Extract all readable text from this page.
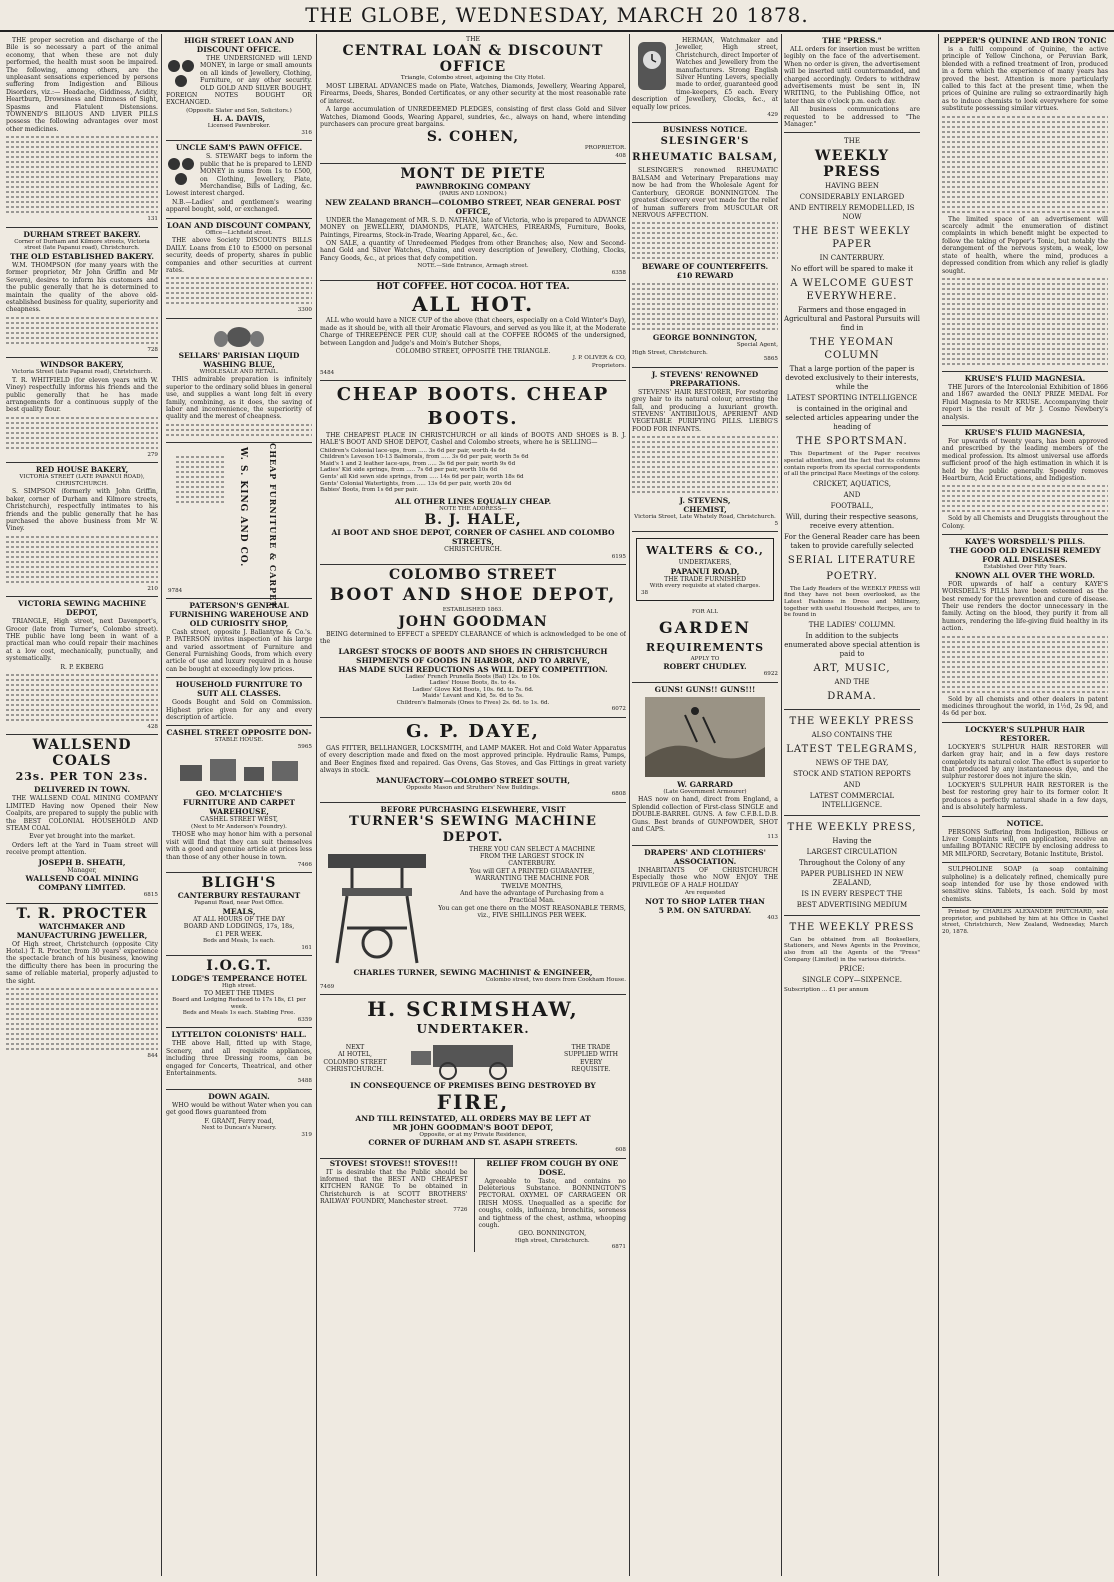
THE GLOBE, WEDNESDAY, MARCH 20 1878.

THE proper secretion and discharge of the Bile is so necessary a part of the animal economy, that when these are not duly performed, the health must soon be impaired. The following, among others, are the unpleasant sensations experienced by persons suffering from Indigestion and Bilious Disorders, viz.:— Headache, Giddiness, Acidity, Heartburn, Drowsiness and Dimness of Sight, Spasms and Flatulent Distensions. TOWNEND'S BILIOUS AND LIVER PILLS possess the following advantages over most other medicines.

131
DURHAM STREET BAKERY.
Corner of Durham and Kilmore streets, Victoria street (late Papanui road), Christchurch.
THE OLD ESTABLISHED BAKERY.

W.M. THOMPSON (for many years with the former proprietor, Mr John Griffin and Mr Severn), desires to inform his customers and the public generally that he is determined to maintain the quality of the above old-established business for quality, superiority and cheapness.

728
WINDSOR BAKERY,
Victoria Street (late Papanui road), Christchurch.

T. R. WHITFIELD (for eleven years with W. Viney) respectfully informs his friends and the public generally that he has made arrangements for a continuous supply of the best quality flour.

279
RED HOUSE BAKERY,
VICTORIA STREET (LATE PAPANUI ROAD), CHRISTCHURCH.

S. SIMPSON (formerly with John Griffin, baker, corner of Durham and Kilmore streets, Christchurch), respectfully intimates to his friends and the public generally that he has purchased the above business from Mr W. Viney.

210
VICTORIA SEWING MACHINE DEPOT,

TRIANGLE, High street, next Davenport's, Grocer (late from Turner's, Colombo street). THE public have long been in want of a practical man who could repair their machines at a low cost, mechanically, punctually, and systematically.

R. P. EKBERG
428
WALLSEND COALS
23s. PER TON 23s.
DELIVERED IN TOWN.

THE WALLSEND COAL MINING COMPANY LIMITED Having now Opened their New Coalpits, are prepared to supply the public with the BEST COLONIAL HOUSEHOLD AND STEAM COAL

Ever yet brought into the market.

Orders left at the Yard in Tuam street will receive prompt attention.

JOSEPH B. SHEATH,
Manager,
WALLSEND COAL MINING COMPANY LIMITED.
6815
T. R. PROCTER
WATCHMAKER AND MANUFACTURING JEWELLER,

Of High street, Christchurch (opposite City Hotel.) T. R. Procter, from 30 years' experience the spectacle branch of his business, knowing the difficulty there has been in procuring the same of reliable material, properly adjusted to the sight.

844
HIGH STREET LOAN AND DISCOUNT OFFICE.

THE UNDERSIGNED will LEND MONEY, in large or small amounts on all kinds of Jewellery, Clothing, Furniture, or any other security. OLD GOLD AND SILVER BOUGHT, FOREIGN NOTES BOUGHT OR EXCHANGED.

(Opposite Slater and Son, Solicitors.)
H. A. DAVIS,
Licensed Pawnbroker.
316
UNCLE SAM'S PAWN OFFICE.

S. STEWART begs to inform the public that he is prepared to LEND MONEY in sums from 1s to £500, on Clothing, Jewellery, Plate, Merchandise, Bills of Lading, &c. Lowest interest charged.

N.B.—Ladies' and gentlemen's wearing apparel bought, sold, or exchanged.

LOAN AND DISCOUNT COMPANY,
Office—Lichfield street.

THE above Society DISCOUNTS BILLS DAILY. Loans from £10 to £5000 on personal security, deeds of property, shares in public companies and other securities at current rates.

3300
SELLARS' PARISIAN LIQUID WASHING BLUE,
WHOLESALE AND RETAIL.

THIS admirable preparation is infinitely superior to the ordinary solid blues in general use, and supplies a want long felt in every family, combining, as it does, the saving of labor and inconvenience, the superiority of quality and the merest of cheapness.

CHEAP FURNITURE & CARPET
W. S. KING AND CO.
9784
PATERSON'S GENERAL FURNISHING WAREHOUSE AND OLD CURIOSITY SHOP,

Cash street, opposite J. Ballantyne & Co.'s. P. PATERSON invites inspection of his large and varied assortment of Furniture and General Furnishing Goods, from which every article of use and luxury required in a house can be bought at exceedingly low prices.

HOUSEHOLD FURNITURE TO SUIT ALL CLASSES.

Goods Bought and Sold on Commission. Highest price given for any and every description of article.

CASHEL STREET OPPOSITE DON-
STABLE HOUSE.
5965
GEO. M'CLATCHIE'S
FURNITURE AND CARPET WAREHOUSE,
CASHEL STREET WEST,
(Next to Mr Anderson's Foundry).

THOSE who may honor him with a personal visit will find that they can suit themselves with a good and genuine article at prices less than those of any other house in town.

7466
BLIGH'S
CANTERBURY RESTAURANT
Papanui Road, near Post Office.
MEALS,
AT ALL HOURS OF THE DAY
BOARD AND LODGINGS, 17s, 18s,
£1 PER WEEK.
Beds and Meals, 1s each.
161
I.O.G.T.
LODGE'S TEMPERANCE HOTEL
High street.
TO MEET THE TIMES
Board and Lodging Reduced to 17s 18s, £1 per week.
Beds and Meals 1s each. Stabling Free.
6359
LYTTELTON COLONISTS' HALL.

THE above Hall, fitted up with Stage, Scenery, and all requisite appliances, including three Dressing rooms, can be engaged for Concerts, Theatrical, and other Entertainments.

5488
DOWN AGAIN.

WHO would be without Water when you can get good flows guaranteed from

F. GRANT, Ferry road,
Next to Duncan's Nursery.
319
THE
CENTRAL LOAN & DISCOUNT OFFICE
Triangle, Colombo street, adjoining the City Hotel.

MOST LIBERAL ADVANCES made on Plate, Watches, Diamonds, Jewellery, Wearing Apparel, Firearms, Deeds, Shares, Bonded Certificates, or any other security at the most reasonable rate of interest.

A large accumulation of UNREDEEMED PLEDGES, consisting of first class Gold and Silver Watches, Diamond Goods, Wearing Apparel, sundries, &c., always on hand, where intending purchasers can procure great bargains.

S. COHEN,
PROPRIETOR.
408
MONT DE PIETE
PAWNBROKING COMPANY
(PARIS AND LONDON.)
NEW ZEALAND BRANCH—COLOMBO STREET, NEAR GENERAL POST OFFICE,

UNDER the Management of MR. S. D. NATHAN, late of Victoria, who is prepared to ADVANCE MONEY on JEWELLERY, DIAMONDS, PLATE, WATCHES, FIREARMS, Furniture, Books, Paintings, Firearms, Stock-in-Trade, Wearing Apparel, &c., &c.

ON SALE, a quantity of Unredeemed Pledges from other Branches; also, New and Second-hand Gold and Silver Watches, Chains, and every description of Jewellery, Clothing, Clocks, Fancy Goods, &c., at prices that defy competition.

NOTE.—Side Entrance, Armagh street.
6358
HOT COFFEE. HOT COCOA. HOT TEA.
ALL HOT.

ALL who would have a NICE CUP of the above (that cheers, especially on a Cold Winter's Day), made as it should be, with all their Aromatic Flavours, and served as you like it, at the Moderate Charge of THREEPENCE PER CUP, should call at the COFFEE ROOMS of the undersigned, between Langdon and Judge's and Moin's Butcher Shops,

COLOMBO STREET, OPPOSITE THE TRIANGLE.
J. P. OLIVER & CO,
Proprietors.
5484
CHEAP BOOTS. CHEAP BOOTS.

THE CHEAPEST PLACE IN CHRISTCHURCH or all kinds of BOOTS AND SHOES is B. J. HALE'S BOOT AND SHOE DEPOT, Cashel and Colombo streets, where he is SELLING—

Children's Colonial lace-ups, from ..... 3s 6d per pair, worth 4s 6d
Children's Leveson 10-13 Balmorals, from ..... 3s 6d per pair, worth 5s 6d
Maid's 1 and 2 leather lace-ups, from ..... 3s 6d per pair, worth 9s 6d
Ladies' Kid side springs, from ..... 7s 6d per pair, worth 10s 6d
Gents' all Kid sewn side springs, from ..... 14s 6d per pair, worth 18s 6d
Gents' Colonial Watertights, from ..... 13s 6d per pair, worth 20s 6d
Babies' Boots, from 1s 6d per pair.
ALL OTHER LINES EQUALLY CHEAP.
NOTE THE ADDRESS—
B. J. HALE,
AI BOOT AND SHOE DEPOT, CORNER OF CASHEL AND COLOMBO STREETS,
CHRISTCHURCH.
6195
COLOMBO STREET
BOOT AND SHOE DEPOT,
ESTABLISHED 1863.
JOHN GOODMAN

BEING determined to EFFECT a SPEEDY CLEARANCE of which is acknowledged to be one of the

LARGEST STOCKS OF BOOTS AND SHOES IN CHRISTCHURCH
SHIPMENTS OF GOODS IN HARBOR, AND TO ARRIVE,
HAS MADE SUCH REDUCTIONS AS WILL DEFY COMPETITION.
Ladies' French Prunella Boots (Bal) 12s. to 10s.
Ladies' House Boots, 8s. to 4s.
Ladies' Glove Kid Boots, 10s. 6d. to 7s. 6d.
Maids' Levant and Kid, 5s. 6d to 5s.
Children's Balmorals (Ones to Fives) 2s. 6d. to 1s. 6d.
6072
G. P. DAYE,

GAS FITTER, BELLHANGER, LOCKSMITH, and LAMP MAKER. Hot and Cold Water Apparatus of every description made and fixed on the most approved principle. Hydraulic Rams, Pumps, and Beer Engines fixed and repaired. Gas Ovens, Gas Stoves, and Gas Fittings in great variety always in stock.

MANUFACTORY—COLOMBO STREET SOUTH,
Opposite Mason and Struthers' New Buildings.
6808
BEFORE PURCHASING ELSEWHERE, VISIT
TURNER'S SEWING MACHINE DEPOT.
THERE YOU CAN SELECT A MACHINE
FROM THE LARGEST STOCK IN
CANTERBURY.
You will GET A PRINTED GUARANTEE,
WARRANTING THE MACHINE FOR
TWELVE MONTHS,
And have the advantage of Purchasing from a
Practical Man.
You can get one there on the MOST REASONABLE TERMS, viz., FIVE SHILLINGS PER WEEK.
CHARLES TURNER, SEWING MACHINIST & ENGINEER,
Colombo street, two doors from Cookham House.
7469
H. SCRIMSHAW,
UNDERTAKER.
NEXT
AI HOTEL,
COLOMBO STREET
CHRISTCHURCH.
THE TRADE
SUPPLIED WITH
EVERY
REQUISITE.
IN CONSEQUENCE OF PREMISES BEING DESTROYED BY
FIRE,
AND TILL REINSTATED, ALL ORDERS MAY BE LEFT AT
MR JOHN GOODMAN'S BOOT DEPOT,
Opposite, or at my Private Residence,
CORNER OF DURHAM AND ST. ASAPH STREETS.
608
STOVES! STOVES!! STOVES!!!

IT is desirable that the Public should be informed that the BEST AND CHEAPEST KITCHEN RANGE To be obtained in Christchurch is at SCOTT BROTHERS' RAILWAY FOUNDRY, Manchester street.

7726
RELIEF FROM COUGH BY ONE DOSE.

Agreeable to Taste, and contains no Deleterious Substance. BONNINGTON'S PECTORAL OXYMEL OF CARRAGEEN OR IRISH MOSS. Unequalled as a specific for coughs, colds, influenza, bronchitis, soreness and tightness of the chest, asthma, whooping cough.

GEO. BONNINGTON,
High street, Christchurch.
6871

HERMAN, Watchmaker and Jeweller, High street, Christchurch, direct Importer of Watches and Jewellery from the manufacturers. Strong English Silver Hunting Levers, specially made to order, guaranteed good time-keepers, £5 each. Every description of Jewellery, Clocks, &c., at equally low prices.

429
BUSINESS NOTICE.
SLESINGER'S RHEUMATIC BALSAM,

SLESINGER'S renowned RHEUMATIC BALSAM and Veterinary Preparations may now be had from the Wholesale Agent for Canterbury, GEORGE BONNINGTON. The greatest discovery ever yet made for the relief of human sufferers from MUSCULAR OR NERVOUS AFFECTION.

BEWARE OF COUNTERFEITS.
£10 REWARD
GEORGE BONNINGTON,
Special Agent,
High Street, Christchurch.
5865
J. STEVENS' RENOWNED PREPARATIONS.

STEVENS' HAIR RESTORER, For restoring grey hair to its natural colour, arresting the fall, and producing a luxuriant growth. STEVENS' ANTIBILIOUS, APERIENT AND VEGETABLE PURIFYING PILLS. LIEBIG'S FOOD FOR INFANTS.

J. STEVENS,
CHEMIST,
Victoria Street, Late Whately Road, Christchurch.
5
WALTERS & CO.,
UNDERTAKERS,
PAPANUI ROAD,
THE TRADE FURNISHED
With every requisite at stated charges.
38
FOR ALL
GARDEN
REQUIREMENTS
APPLY TO
ROBERT CHUDLEY.
6922
GUNS! GUNS!! GUNS!!!
W. GARRARD
(Late Government Armourer)

HAS now on hand, direct from England, a Splendid collection of First-class SINGLE and DOUBLE-BARREL GUNS. A few C.F.B.L.D.B. Guns. Best brands of GUNPOWDER, SHOT and CAPS.

113
DRAPERS' AND CLOTHIERS' ASSOCIATION.

INHABITANTS OF CHRISTCHURCH Especially those who NOW ENJOY THE PRIVILEGE OF A HALF HOLIDAY

Are requested
NOT TO SHOP LATER THAN
5 P.M. ON SATURDAY.
403
THE "PRESS."

ALL orders for insertion must be written legibly on the face of the advertisement. When no order is given, the advertisement will be inserted until countermanded, and charged accordingly. Orders to withdraw advertisements must be sent in, IN WRITING, to the Publishing Office, not later than six o'clock p.m. each day.

All business communications are requested to be addressed to "The Manager."

THE
WEEKLY PRESS
HAVING BEEN
CONSIDERABLY ENLARGED
AND ENTIRELY REMODELLED, IS NOW
THE BEST WEEKLY PAPER
IN CANTERBURY.
No effort will be spared to make it
A WELCOME GUEST EVERYWHERE.
Farmers and those engaged in Agricultural and Pastoral Pursuits will find in
THE YEOMAN COLUMN
That a large portion of the paper is devoted exclusively to their interests, while the
LATEST SPORTING INTELLIGENCE
is contained in the original and selected articles appearing under the heading of
THE SPORTSMAN.

This Department of the Paper receives special attention, and the fact that its columns contain reports from its special correspondents of all the principal Race Meetings of the colony.

CRICKET, AQUATICS,
AND
FOOTBALL,
Will, during their respective seasons, receive every attention.
For the General Reader care has been taken to provide carefully selected
SERIAL LITERATURE
POETRY.

The Lady Readers of the WEEKLY PRESS will find they have not been overlooked, as the Latest Fashions in Dress and Millinery, together with useful Household Recipes, are to be found in

THE LADIES' COLUMN.
In addition to the subjects enumerated above special attention is paid to
ART, MUSIC,
AND THE
DRAMA.
THE WEEKLY PRESS
ALSO CONTAINS THE
LATEST TELEGRAMS,
NEWS OF THE DAY,
STOCK AND STATION REPORTS
AND
LATEST COMMERCIAL INTELLIGENCE.
THE WEEKLY PRESS,
Having the
LARGEST CIRCULATION
Throughout the Colony of any
PAPER PUBLISHED IN NEW ZEALAND,
IS IN EVERY RESPECT THE
BEST ADVERTISING MEDIUM
THE WEEKLY PRESS

Can be obtained from all Booksellers, Stationers, and News Agents in the Province, also from all the Agents of the "Press" Company (Limited) in the various districts.

PRICE:
SINGLE COPY—SIXPENCE.
Subscription ... £1 per annum
PEPPER'S QUININE AND IRON TONIC

is a fulfil compound of Quinine, the active principle of Yellow Cinchona, or Peruvian Bark, blended with a refined treatment of Iron, produced in a form which the experience of many years has proved the best. Attention is more particularly called to this fact at the present time, when the prices of Quinine are ruling so extraordinarily high as to induce chemists to look everywhere for some substitute possessing similar virtues.

The limited space of an advertisement will scarcely admit the enumeration of distinct complaints in which benefit might be expected to follow the taking of Pepper's Tonic, but notably the derangement of the nervous system, a weak, low state of health, where the mind, produces a depressed condition from which any relief is gladly sought.

KRUSE'S FLUID MAGNESIA.

THE Jurors of the Intercolonial Exhibition of 1866 and 1867 awarded the ONLY PRIZE MEDAL For Fluid Magnesia to Mr KRUSE. Accompanying their report is the result of Mr J. Cosmo Newbery's analysis.

KRUSE'S FLUID MAGNESIA,

For upwards of twenty years, has been approved and prescribed by the leading members of the medical profession. Its almost universal use affords sufficient proof of the high estimation in which it is held by the public generally. Speedily removes Heartburn, Acid Eructations, and Indigestion.

Sold by all Chemists and Druggists throughout the Colony.

KAYE'S WORSDELL'S PILLS.
THE GOOD OLD ENGLISH REMEDY FOR ALL DISEASES.
Established Over Fifty Years.
KNOWN ALL OVER THE WORLD.

FOR upwards of half a century KAYE'S WORSDELL'S PILLS have been esteemed as the best remedy for the prevention and cure of disease. Their use renders the doctor unnecessary in the family. Acting on the blood, they purify it from all humors, rendering the life-giving fluid healthy in its action.

Sold by all chemists and other dealers in patent medicines throughout the world, in 1½d, 2s 9d, and 4s 6d per box.

LOCKYER'S SULPHUR HAIR RESTORER.

LOCKYER'S SULPHUR HAIR RESTORER will darken gray hair, and in a few days restore completely its natural color. The effect is superior to that produced by any instantaneous dye, and the sulphur restorer does not injure the skin.

LOCKYER'S SULPHUR HAIR RESTORER is the best for restoring grey hair to its former color. It produces a perfectly natural shade in a few days, and is absolutely harmless.

NOTICE.

PERSONS Suffering from Indigestion, Billious or Liver Complaints will, on application, receive an unfailing BOTANIC RECIPE by enclosing address to MR MILFORD, Secretary, Botanic Institute, Bristol.

SULPHOLINE SOAP (a soap containing sulpholine) is a delicately refined, chemically pure soap intended for use by those endowed with sensitive skins. Tablets, 1s each. Sold by most chemists.

Printed by CHARLES ALEXANDER PRITCHARD, sole proprietor, and published by him at his Office in Cashel street, Christchurch, New Zealand, Wednesday, March 20, 1878.
